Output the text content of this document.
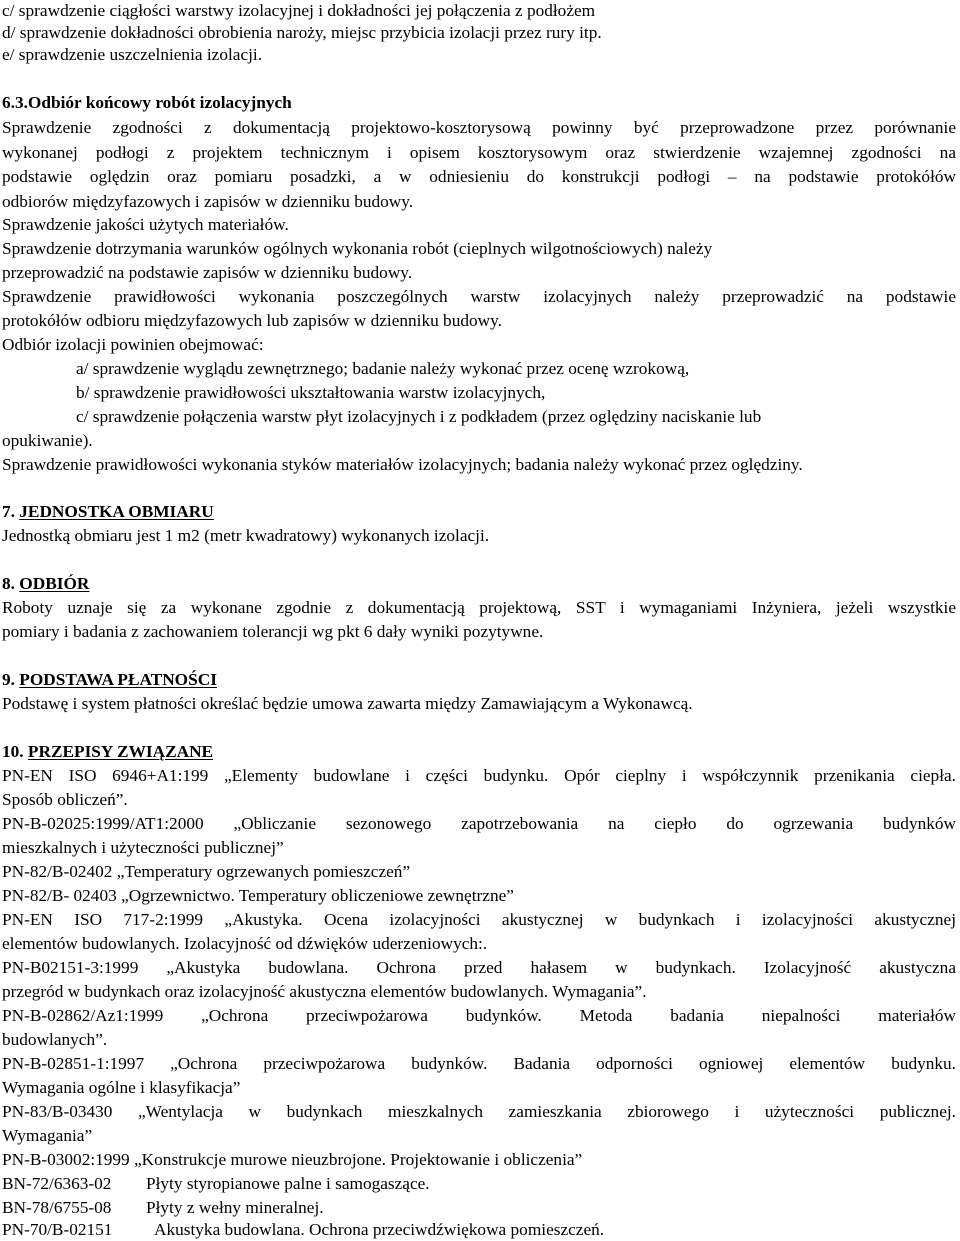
c/ sprawdzenie ciągłości warstwy izolacyjnej i dokładności jej połączenia z podłożem
d/ sprawdzenie dokładności obrobienia naroży, miejsc przybicia izolacji przez rury itp.
e/ sprawdzenie uszczelnienia izolacji.
6.3.Odbiór końcowy robót izolacyjnych
Sprawdzenie zgodności z dokumentacją projektowo-kosztorysową powinny być przeprowadzone przez porównanie
wykonanej podłogi z projektem technicznym i opisem kosztorysowym oraz stwierdzenie wzajemnej zgodności na
podstawie oględzin oraz pomiaru posadzki, a w odniesieniu do konstrukcji podłogi – na podstawie protokółów
odbiorów międzyfazowych i zapisów w dzienniku budowy.
Sprawdzenie jakości użytych materiałów.
Sprawdzenie dotrzymania warunków ogólnych wykonania robót (cieplnych wilgotnościowych) należy
przeprowadzić na podstawie zapisów w dzienniku budowy.
Sprawdzenie prawidłowości wykonania poszczególnych warstw izolacyjnych należy przeprowadzić na podstawie
protokółów odbioru międzyfazowych lub zapisów w dzienniku budowy.
Odbiór izolacji powinien obejmować:
a/ sprawdzenie wyglądu zewnętrznego; badanie należy wykonać przez ocenę wzrokową,
b/ sprawdzenie prawidłowości ukształtowania warstw izolacyjnych,
c/ sprawdzenie połączenia warstw płyt izolacyjnych i z podkładem (przez oględziny naciskanie lub
opukiwanie).
Sprawdzenie prawidłowości wykonania styków materiałów izolacyjnych; badania należy wykonać przez oględziny.
7. JEDNOSTKA OBMIARU
Jednostką obmiaru jest 1 m2 (metr kwadratowy) wykonanych izolacji.
8. ODBIÓR
Roboty uznaje się za wykonane zgodnie z dokumentacją projektową, SST i wymaganiami Inżyniera, jeżeli wszystkie
pomiary i badania z zachowaniem tolerancji wg pkt 6 dały wyniki pozytywne.
9. PODSTAWA PŁATNOŚCI
Podstawę i system płatności określać będzie umowa zawarta między Zamawiającym a Wykonawcą.
10. PRZEPISY ZWIĄZANE
PN-EN ISO 6946+A1:199 „Elementy budowlane i części budynku. Opór cieplny i współczynnik przenikania ciepła.
Sposób obliczeń”.
PN-B-02025:1999/AT1:2000 „Obliczanie sezonowego zapotrzebowania na ciepło do ogrzewania budynków
mieszkalnych i użyteczności publicznej”
PN-82/B-02402 „Temperatury ogrzewanych pomieszczeń”
PN-82/B- 02403 „Ogrzewnictwo. Temperatury obliczeniowe zewnętrzne”
PN-EN ISO 717-2:1999 „Akustyka. Ocena izolacyjności akustycznej w budynkach i izolacyjności akustycznej
elementów budowlanych. Izolacyjność od dźwięków uderzeniowych:.
PN-B02151-3:1999 „Akustyka budowlana. Ochrona przed hałasem w budynkach. Izolacyjność akustyczna
przegród w budynkach oraz izolacyjność akustyczna elementów budowlanych. Wymagania”.
PN-B-02862/Az1:1999 „Ochrona przeciwpożarowa budynków. Metoda badania niepalności materiałów
budowlanych”.
PN-B-02851-1:1997 „Ochrona przeciwpożarowa budynków. Badania odporności ogniowej elementów budynku.
Wymagania ogólne i klasyfikacja”
PN-83/B-03430 „Wentylacja w budynkach mieszkalnych zamieszkania zbiorowego i użyteczności publicznej.
Wymagania”
PN-B-03002:1999 „Konstrukcje murowe nieuzbrojone. Projektowanie i obliczenia”
BN-72/6363-02 Płyty styropianowe palne i samogaszące.
BN-78/6755-08 Płyty z wełny mineralnej.
PN-70/B-02151 Akustyka budowlana. Ochrona przeciwdźwiękowa pomieszczeń.
